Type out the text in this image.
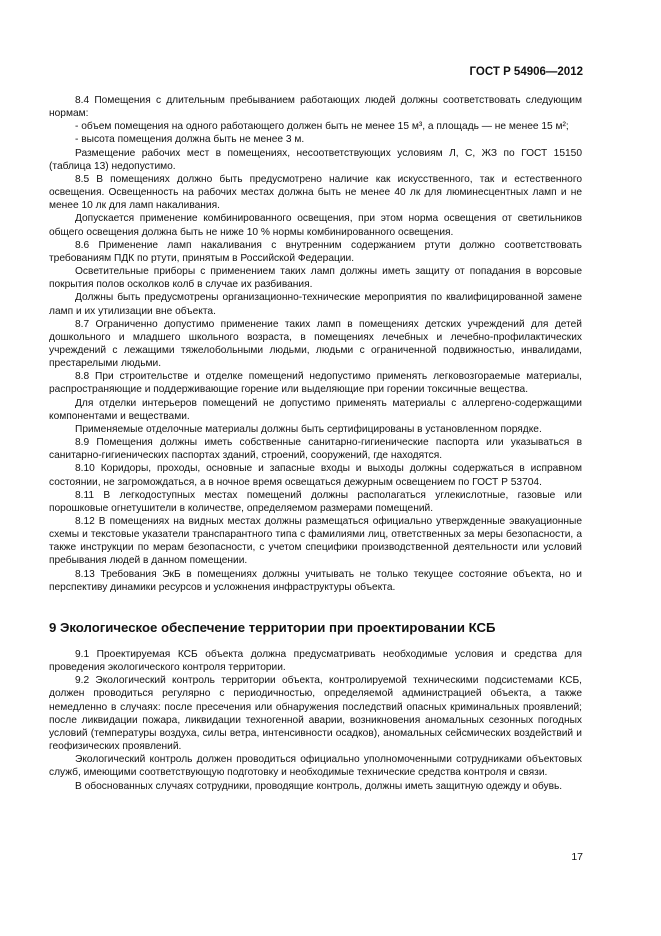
ГОСТ Р 54906—2012

8.4 Помещения с длительным пребыванием работающих людей должны соответствовать следующим нормам:

- объем помещения на одного работающего должен быть не менее 15 м³, а площадь — не менее 15 м²;

- высота помещения должна быть не менее 3 м.

Размещение рабочих мест в помещениях, несоответствующих условиям Л, С, ЖЗ по ГОСТ 15150 (таблица 13) недопустимо.

8.5 В помещениях должно быть предусмотрено наличие как искусственного, так и естественного освещения. Освещенность на рабочих местах должна быть не менее 40 лк для люминесцентных ламп и не менее 10 лк для ламп накаливания.

Допускается применение комбинированного освещения, при этом норма освещения от светильников общего освещения должна быть не ниже 10 % нормы комбинированного освещения.

8.6 Применение ламп накаливания с внутренним содержанием ртути должно соответствовать требованиям ПДК по ртути, принятым в Российской Федерации.

Осветительные приборы с применением таких ламп должны иметь защиту от попадания в ворсовые покрытия полов осколков колб в случае их разбивания.

Должны быть предусмотрены организационно-технические мероприятия по квалифицированной замене ламп и их утилизации вне объекта.

8.7 Ограниченно допустимо применение таких ламп в помещениях детских учреждений для детей дошкольного и младшего школьного возраста, в помещениях лечебных и лечебно-профилактических учреждений с лежащими тяжелобольными людьми, людьми с ограниченной подвижностью, инвалидами, престарелыми людьми.

8.8 При строительстве и отделке помещений недопустимо применять легковозгораемые материалы, распространяющие и поддерживающие горение или выделяющие при горении токсичные вещества.

Для отделки интерьеров помещений не допустимо применять материалы с аллергено-содержащими компонентами и веществами.

Применяемые отделочные материалы должны быть сертифицированы в установленном порядке.

8.9 Помещения должны иметь собственные санитарно-гигиенические паспорта или указываться в санитарно-гигиенических паспортах зданий, строений, сооружений, где находятся.

8.10 Коридоры, проходы, основные и запасные входы и выходы должны содержаться в исправном состоянии, не загромождаться, а в ночное время освещаться дежурным освещением по ГОСТ Р 53704.

8.11 В легкодоступных местах помещений должны располагаться углекислотные, газовые или порошковые огнетушители в количестве, определяемом размерами помещений.

8.12 В помещениях на видных местах должны размещаться официально утвержденные эвакуационные схемы и текстовые указатели транспарантного типа с фамилиями лиц, ответственных за меры безопасности, а также инструкции по мерам безопасности, с учетом специфики производственной деятельности или условий пребывания людей в данном помещении.

8.13 Требования ЭкБ в помещениях должны учитывать не только текущее состояние объекта, но и перспективу динамики ресурсов и усложнения инфраструктуры объекта.

9 Экологическое обеспечение территории при проектировании КСБ

9.1 Проектируемая КСБ объекта должна предусматривать необходимые условия и средства для проведения экологического контроля территории.

9.2 Экологический контроль территории объекта, контролируемой техническими подсистемами КСБ, должен проводиться регулярно с периодичностью, определяемой администрацией объекта, а также немедленно в случаях: после пресечения или обнаружения последствий опасных криминальных проявлений; после ликвидации пожара, ликвидации техногенной аварии, возникновения аномальных сезонных погодных условий (температуры воздуха, силы ветра, интенсивности осадков), аномальных сейсмических воздействий и геофизических проявлений.

Экологический контроль должен проводиться официально уполномоченными сотрудниками объектовых служб, имеющими соответствующую подготовку и необходимые технические средства контроля и связи.

В обоснованных случаях сотрудники, проводящие контроль, должны иметь защитную одежду и обувь.

17
